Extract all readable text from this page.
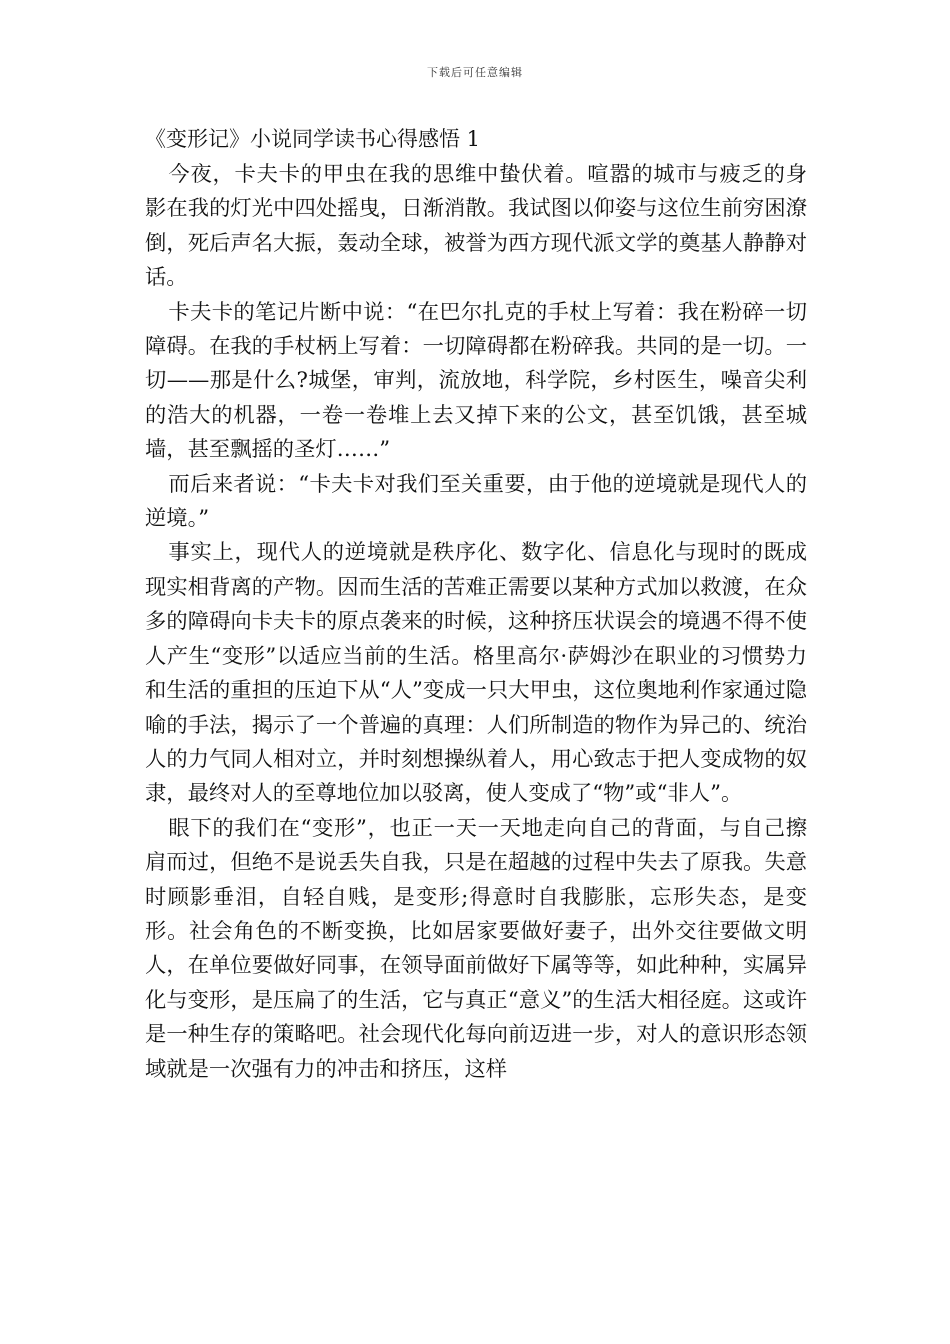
下载后可任意编辑
《变形记》小说同学读书心得感悟 1

今夜，卡夫卡的甲虫在我的思维中蛰伏着。喧嚣的城市与疲乏的身影在我的灯光中四处摇曳，日渐消散。我试图以仰姿与这位生前穷困潦倒，死后声名大振，轰动全球，被誉为西方现代派文学的奠基人静静对话。

卡夫卡的笔记片断中说：“在巴尔扎克的手杖上写着：我在粉碎一切障碍。在我的手杖柄上写着：一切障碍都在粉碎我。共同的是一切。一切——那是什么?城堡，审判，流放地，科学院，乡村医生，噪音尖利的浩大的机器，一卷一卷堆上去又掉下来的公文，甚至饥饿，甚至城墙，甚至飘摇的圣灯……”

而后来者说：“卡夫卡对我们至关重要，由于他的逆境就是现代人的逆境。”

事实上，现代人的逆境就是秩序化、数字化、信息化与现时的既成现实相背离的产物。因而生活的苦难正需要以某种方式加以救渡，在众多的障碍向卡夫卡的原点袭来的时候，这种挤压状误会的境遇不得不使人产生“变形”以适应当前的生活。格里高尔·萨姆沙在职业的习惯势力和生活的重担的压迫下从“人”变成一只大甲虫，这位奥地利作家通过隐喻的手法，揭示了一个普遍的真理：人们所制造的物作为异己的、统治人的力气同人相对立，并时刻想操纵着人，用心致志于把人变成物的奴隶，最终对人的至尊地位加以驳离，使人变成了“物”或“非人”。

眼下的我们在“变形”，也正一天一天地走向自己的背面，与自己擦肩而过，但绝不是说丢失自我，只是在超越的过程中失去了原我。失意时顾影垂泪，自轻自贱，是变形;得意时自我膨胀，忘形失态，是变形。社会角色的不断变换，比如居家要做好妻子，出外交往要做文明人，在单位要做好同事，在领导面前做好下属等等，如此种种，实属异化与变形，是压扁了的生活，它与真正“意义”的生活大相径庭。这或许是一种生存的策略吧。社会现代化每向前迈进一步，对人的意识形态领域就是一次强有力的冲击和挤压，这样
